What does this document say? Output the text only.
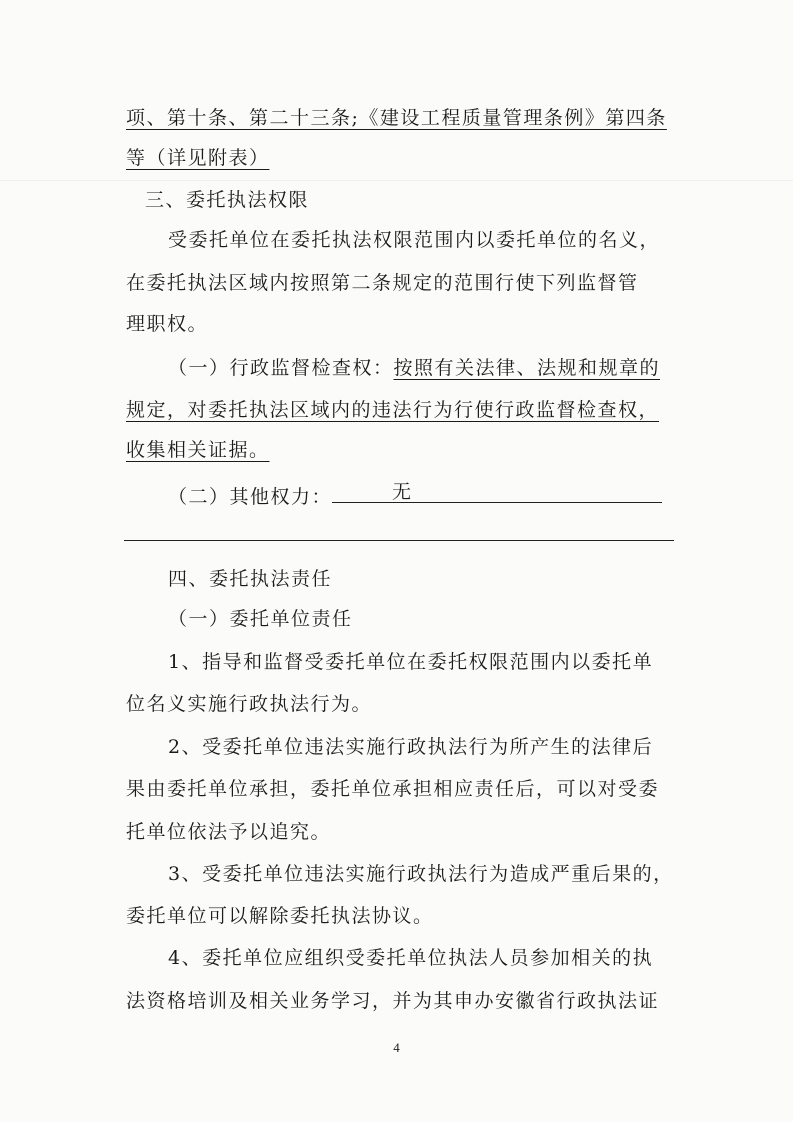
项、第十条、第二十三条;《建设工程质量管理条例》第四条
等（详见附表）
三、委托执法权限
受委托单位在委托执法权限范围内以委托单位的名义，
在委托执法区域内按照第二条规定的范围行使下列监督管
理职权。
（一）行政监督检查权：按照有关法律、法规和规章的
规定，对委托执法区域内的违法行为行使行政监督检查权，
收集相关证据。
（二）其他权力：	无
四、委托执法责任
（一）委托单位责任
1、指导和监督受委托单位在委托权限范围内以委托单
位名义实施行政执法行为。
2、受委托单位违法实施行政执法行为所产生的法律后
果由委托单位承担，委托单位承担相应责任后，可以对受委
托单位依法予以追究。
3、受委托单位违法实施行政执法行为造成严重后果的，
委托单位可以解除委托执法协议。
4、委托单位应组织受委托单位执法人员参加相关的执
法资格培训及相关业务学习，并为其申办安徽省行政执法证
4
